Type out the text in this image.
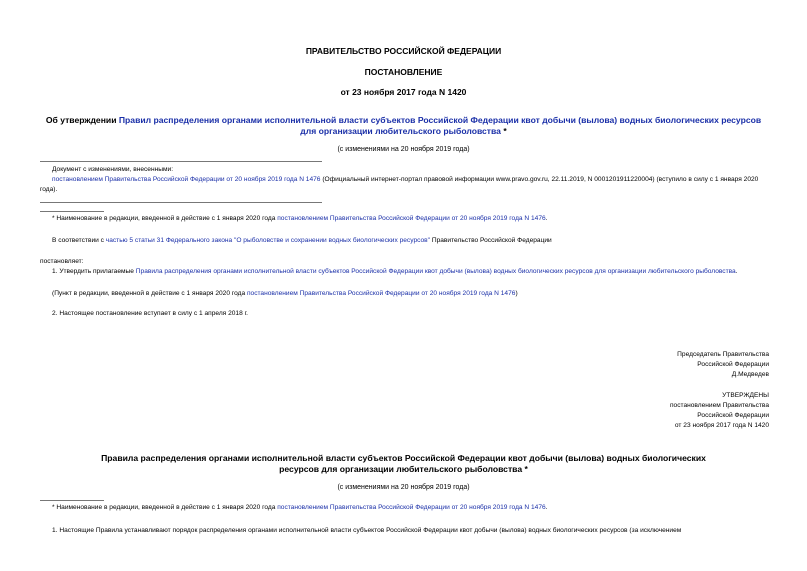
ПРАВИТЕЛЬСТВО РОССИЙСКОЙ ФЕДЕРАЦИИ
ПОСТАНОВЛЕНИЕ
от 23 ноября 2017 года N 1420
Об утверждении Правил распределения органами исполнительной власти субъектов Российской Федерации квот добычи (вылова) водных биологических ресурсов для организации любительского рыболовства *
(с изменениями на 20 ноября 2019 года)
Документ с изменениями, внесенными:
постановлением Правительства Российской Федерации от 20 ноября 2019 года N 1476 (Официальный интернет-портал правовой информации www.pravo.gov.ru, 22.11.2019, N 0001201911220004) (вступило в силу с 1 января 2020 года).
* Наименование в редакции, введенной в действие с 1 января 2020 года постановлением Правительства Российской Федерации от 20 ноября 2019 года N 1476.
В соответствии с частью 5 статьи 31 Федерального закона "О рыболовстве и сохранении водных биологических ресурсов" Правительство Российской Федерации
постановляет:
1. Утвердить прилагаемые Правила распределения органами исполнительной власти субъектов Российской Федерации квот добычи (вылова) водных биологических ресурсов для организации любительского рыболовства.
(Пункт в редакции, введенной в действие с 1 января 2020 года постановлением Правительства Российской Федерации от 20 ноября 2019 года N 1476)
2. Настоящее постановление вступает в силу с 1 апреля 2018 г.
Председатель Правительства
Российской Федерации
Д.Медведев
УТВЕРЖДЕНЫ
постановлением Правительства
Российской Федерации
от 23 ноября 2017 года N 1420
Правила распределения органами исполнительной власти субъектов Российской Федерации квот добычи (вылова) водных биологических ресурсов для организации любительского рыболовства *
(с изменениями на 20 ноября 2019 года)
* Наименование в редакции, введенной в действие с 1 января 2020 года постановлением Правительства Российской Федерации от 20 ноября 2019 года N 1476.
1. Настоящие Правила устанавливают порядок распределения органами исполнительной власти субъектов Российской Федерации квот добычи (вылова) водных биологических ресурсов (за исключением
